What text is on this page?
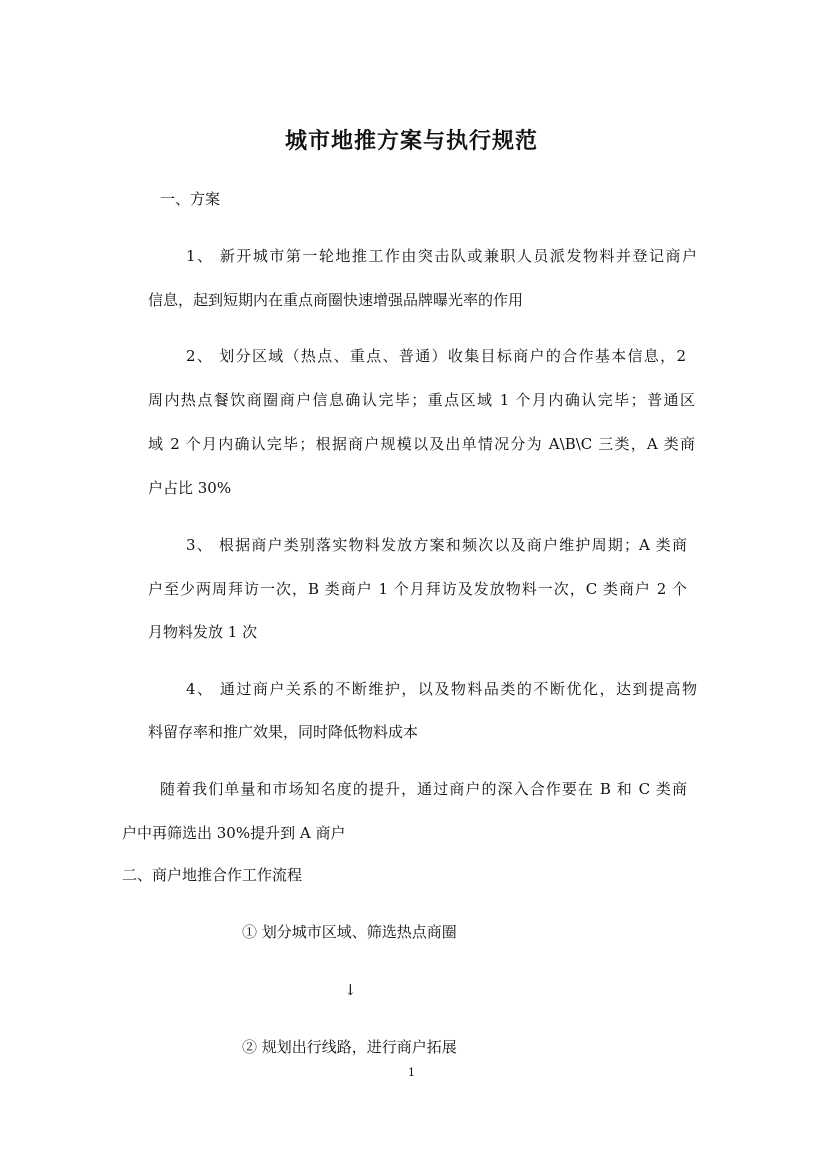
城市地推方案与执行规范
一、方案
1、 新开城市第一轮地推工作由突击队或兼职人员派发物料并登记商户
信息，起到短期内在重点商圈快速增强品牌曝光率的作用
2、 划分区域（热点、重点、普通）收集目标商户的合作基本信息，2
周内热点餐饮商圈商户信息确认完毕；重点区域 1 个月内确认完毕；普通区
域 2 个月内确认完毕；根据商户规模以及出单情况分为 A\B\C 三类，A 类商
户占比 30%
3、 根据商户类别落实物料发放方案和频次以及商户维护周期；A 类商
户至少两周拜访一次，B 类商户 1 个月拜访及发放物料一次，C 类商户 2 个
月物料发放 1 次
4、 通过商户关系的不断维护，以及物料品类的不断优化，达到提高物
料留存率和推广效果，同时降低物料成本
随着我们单量和市场知名度的提升，通过商户的深入合作要在 B 和 C 类商
户中再筛选出 30%提升到 A 商户
二、商户地推合作工作流程
① 划分城市区域、筛选热点商圈
↓
② 规划出行线路，进行商户拓展
1
